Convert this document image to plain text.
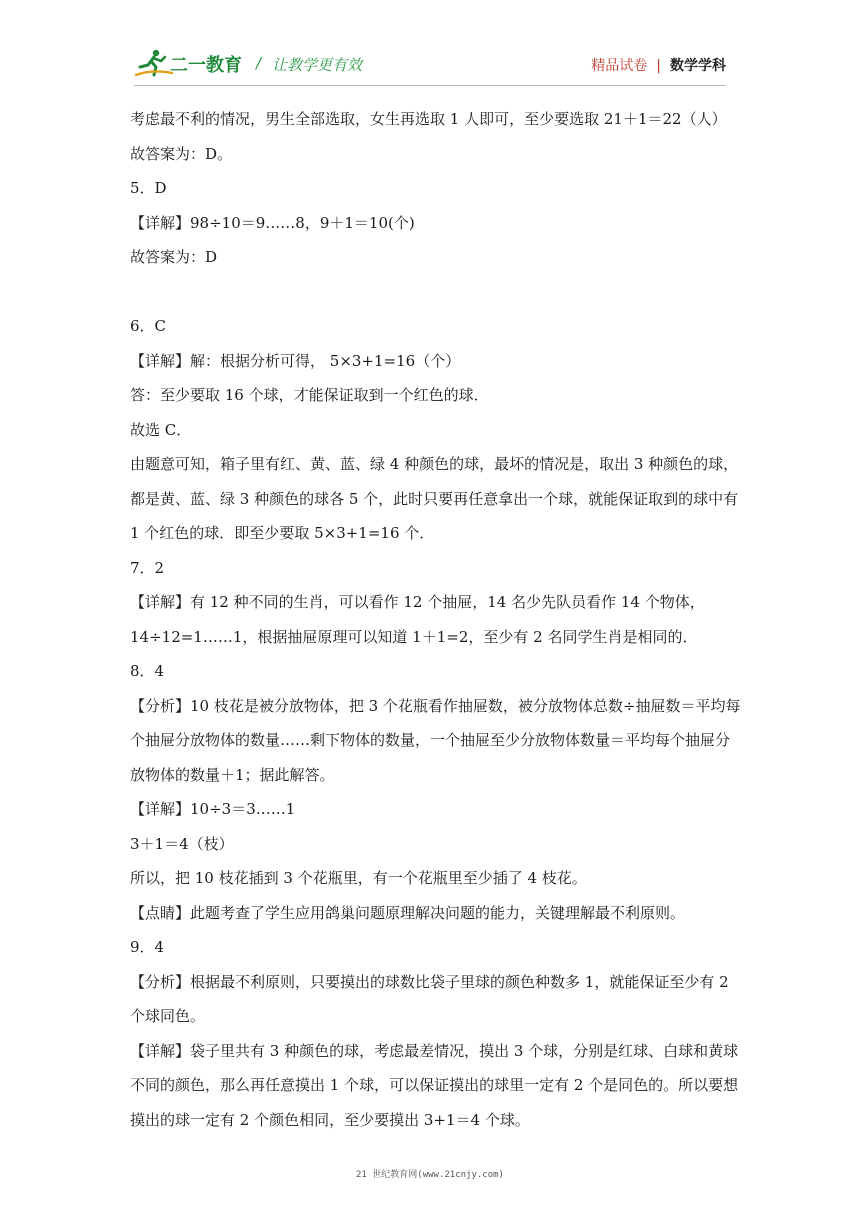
二一教育 / 让教学更有效	精品试卷 | 数学学科
考虑最不利的情况，男生全部选取，女生再选取 1 人即可，至少要选取 21＋1＝22（人）
故答案为：D。
5．D
【详解】98÷10＝9……8，9＋1＝10(个)
故答案为：D
6．C
【详解】解：根据分析可得， 5×3+1=16（个）
答：至少要取 16 个球，才能保证取到一个红色的球．
故选 C．
由题意可知，箱子里有红、黄、蓝、绿 4 种颜色的球，最坏的情况是，取出 3 种颜色的球，
都是黄、蓝、绿 3 种颜色的球各 5 个，此时只要再任意拿出一个球，就能保证取到的球中有
1 个红色的球．即至少要取 5×3+1=16 个．
7．2
【详解】有 12 种不同的生肖，可以看作 12 个抽屉，14 名少先队员看作 14 个物体，
14÷12=1……1，根据抽屉原理可以知道 1＋1=2，至少有 2 名同学生肖是相同的．
8．4
【分析】10 枝花是被分放物体，把 3 个花瓶看作抽屉数，被分放物体总数÷抽屉数＝平均每
个抽屉分放物体的数量……剩下物体的数量，一个抽屉至少分放物体数量＝平均每个抽屉分
放物体的数量＋1；据此解答。
【详解】10÷3＝3……1
3＋1＝4（枝）
所以，把 10 枝花插到 3 个花瓶里，有一个花瓶里至少插了 4 枝花。
【点睛】此题考查了学生应用鸽巢问题原理解决问题的能力，关键理解最不利原则。
9．4
【分析】根据最不利原则，只要摸出的球数比袋子里球的颜色种数多 1，就能保证至少有 2
个球同色。
【详解】袋子里共有 3 种颜色的球，考虑最差情况，摸出 3 个球，分别是红球、白球和黄球
不同的颜色，那么再任意摸出 1 个球，可以保证摸出的球里一定有 2 个是同色的。所以要想
摸出的球一定有 2 个颜色相同，至少要摸出 3+1＝4 个球。
21 世纪教育网(www.21cnjy.com)
